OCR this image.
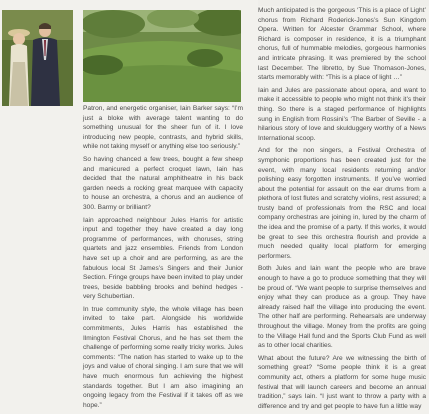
Patron, and energetic organiser, Iain Barker says: “I’m just a bloke with average talent wanting to do something unusual for the sheer fun of it. I love introducing new people, contrasts, and hybrid skills, while not taking myself or anything else too seriously.”

So having chanced a few trees, bought a few sheep and manicured a perfect croquet lawn, Iain has decided that the natural amphitheatre in his back garden needs a rocking great marquee with capacity to house an orchestra, a chorus and an audience of 300. Barmy or brilliant?

Iain approached neighbour Jules Harris for artistic input and together they have created a day long programme of performances, with choruses, string quartets and jazz ensembles. Friends from London have set up a choir and are performing, as are the fabulous local St James’s Singers and their Junior Section. Fringe groups have been invited to play under trees, beside babbling brooks and behind hedges - very Schubertian.

In true community style, the whole village has been invited to take part. Alongside his worldwide commitments, Jules Harris has established the Ilmington Festival Chorus, and he has set them the challenge of performing some really tricky works. Jules comments: “The nation has started to wake up to the joys and value of choral singing. I am sure that we will have much enormous fun achieving the highest standards together. But I am also imagining an ongoing legacy from the Festival if it takes off as we hope.”

Much anticipated is the gorgeous ‘This is a place of Light’ chorus from Richard Roderick-Jones’s Sun Kingdom Opera. Written for Alcester Grammar School, where Richard is composer in residence, it is a triumphant chorus, full of hummable melodies, gorgeous harmonies and intricate phrasing. It was premiered by the school last December. The libretto, by Sue Thomason-Jones, starts memorably with: “This is a place of light …”

Iain and Jules are passionate about opera, and want to make it accessible to people who might not think it’s their thing. So there is a staged performance of highlights sung in English from Rossini’s ‘The Barber of Seville - a hilarious story of love and skulduggery worthy of a News International scoop.

And for the non singers, a Festival Orchestra of symphonic proportions has been created just for the event, with many local residents returning and/or polishing easy forgotten instruments. If you’ve worried about the potential for assault on the ear drums from a plethora of lost flutes and scratchy violins, rest assured; a trusty band of professionals from the RSC and local company orchestras are joining in, lured by the charm of the idea and the promise of a party. If this works, it would be great to see this orchestra flourish and provide a much needed quality local platform for emerging performers.

Both Jules and Iain want the people who are brave enough to have a go to produce something that they will be proud of. “We want people to surprise themselves and enjoy what they can produce as a group. They have already raised half the village into producing the event. The other half are performing. Rehearsals are underway throughout the village. Money from the profits are going to the Village Hall fund and the Sports Club Fund as well as to other local charities.

What about the future? Are we witnessing the birth of something great? “Some people think it is a great community act, others a platform for some huge music festival that will launch careers and become an annual tradition,” says Iain. “I just want to throw a party with a difference and try and get people to have fun a little way
